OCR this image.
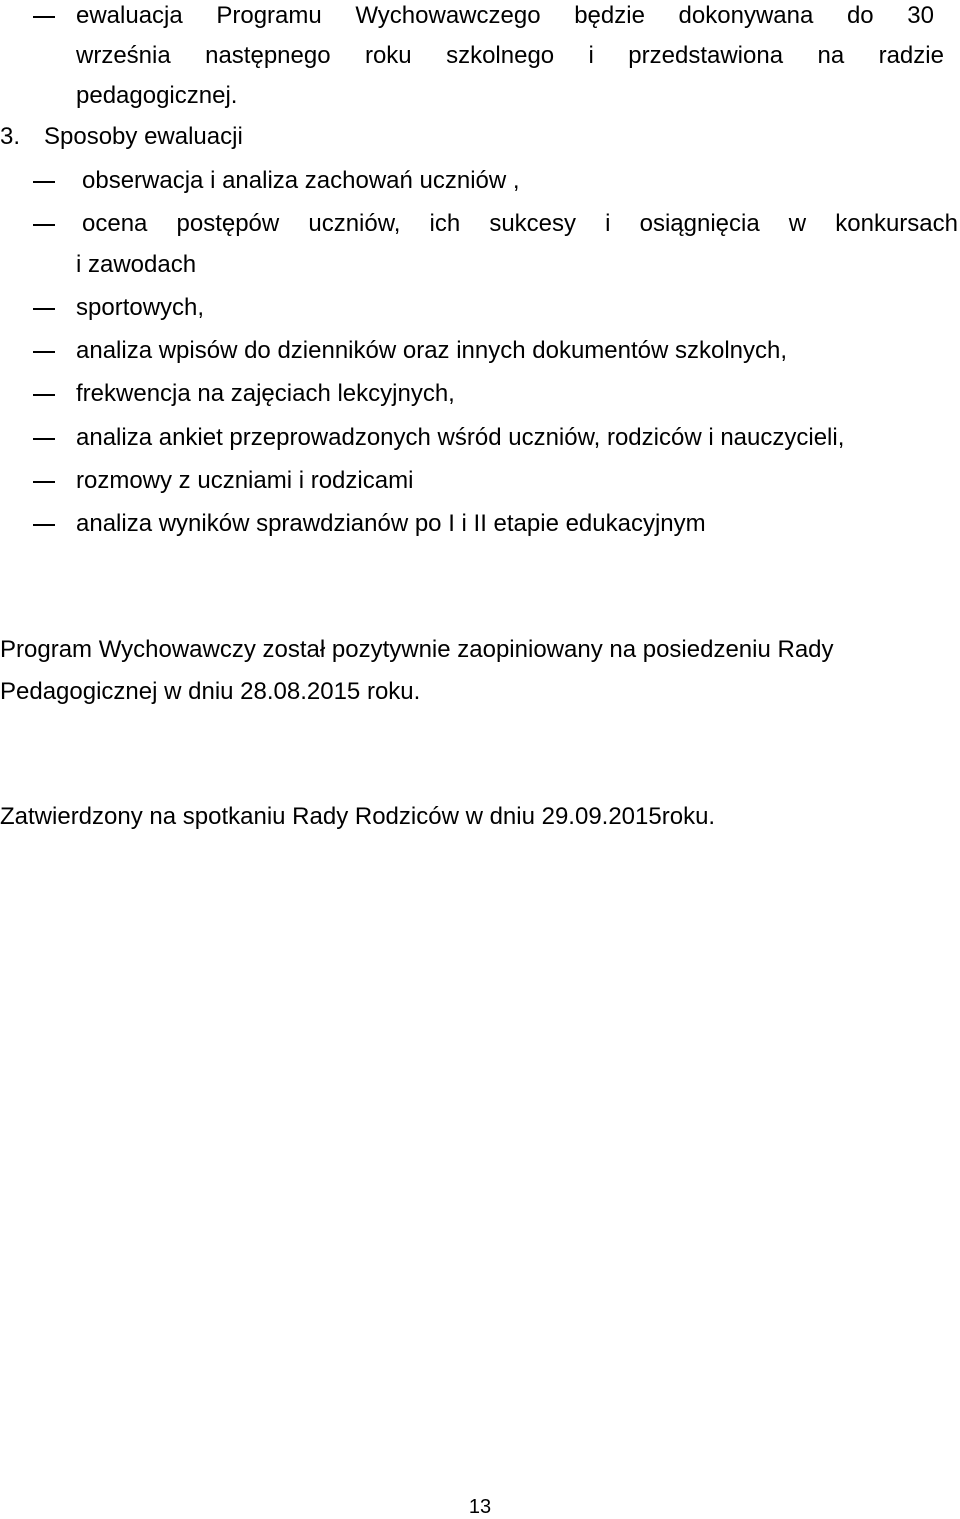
ewaluacja Programu Wychowawczego będzie dokonywana do 30
września następnego roku szkolnego i przedstawiona na radzie
pedagogicznej.
3. Sposoby ewaluacji
obserwacja i analiza zachowań uczniów ,
ocena postępów uczniów, ich sukcesy i osiągnięcia w konkursach
i zawodach
sportowych,
analiza wpisów do dzienników oraz innych dokumentów szkolnych,
frekwencja na zajęciach lekcyjnych,
analiza ankiet przeprowadzonych wśród uczniów, rodziców i nauczycieli,
rozmowy z uczniami i rodzicami
analiza wyników sprawdzianów po I i II etapie edukacyjnym
Program Wychowawczy został pozytywnie zaopiniowany na posiedzeniu Rady
Pedagogicznej w dniu 28.08.2015 roku.
Zatwierdzony na spotkaniu Rady Rodziców w dniu 29.09.2015roku.
13
